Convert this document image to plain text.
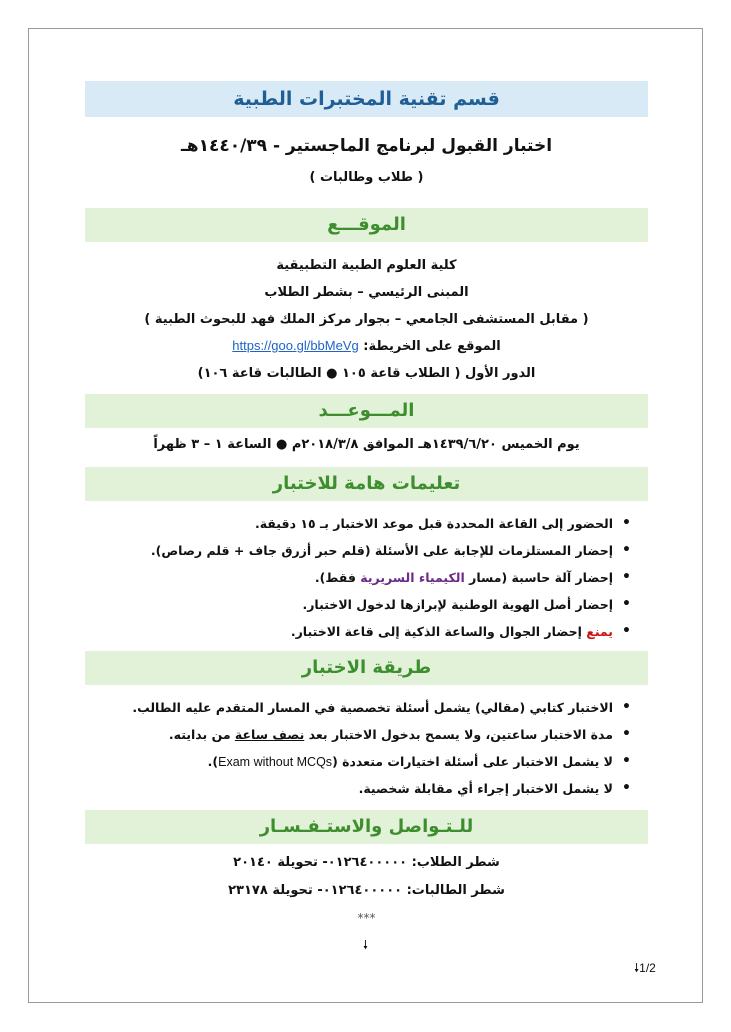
قسم تقنية المختبرات الطبية
اختبار القبول لبرنامج الماجستير - ١٤٤٠/٣٩هـ
( طلاب وطالبات )
الموقـــع
كلية العلوم الطبية التطبيقية
المبنى الرئيسي – بشطر الطلاب
( مقابل المستشفى الجامعي – بجوار مركز الملك فهد للبحوث الطبية )
الموقع على الخريطة: https://goo.gl/bbMeVg
الدور الأول ( الطلاب قاعة ١٠٥ ● الطالبات قاعة ١٠٦)
المـــوعـــد
يوم الخميس ١٤٣٩/٦/٢٠هـ الموافق ٢٠١٨/٣/٨م ● الساعة ١ – ٣ ظهراً
تعليمات هامة للاختبار
•
الحضور إلى القاعة المحددة قبل موعد الاختبار بـ ١٥ دقيقة.
•
إحضار المستلزمات للإجابة على الأسئلة (قلم حبر أزرق جاف + قلم رصاص).
•
إحضار آلة حاسبة (مسار الكيمياء السريرية فقط).
•
إحضار أصل الهوية الوطنية لإبرازها لدخول الاختبار.
•
يمنع إحضار الجوال والساعة الذكية إلى قاعة الاختبار.
طريقة الاختبار
•
الاختبار كتابي (مقالي) يشمل أسئلة تخصصية في المسار المتقدم عليه الطالب.
•
مدة الاختبار ساعتين، ولا يسمح بدخول الاختبار بعد نصف ساعة من بدايته.
•
لا يشمل الاختبار على أسئلة اختيارات متعددة (Exam without MCQs).
•
لا يشمل الاختبار إجراء أي مقابلة شخصية.
للـتـواصل والاستـفـسـار
شطر الطلاب: ٠١٢٦٤٠٠٠٠٠- تحويلة ٢٠١٤٠
شطر الطالبات: ٠١٢٦٤٠٠٠٠٠- تحويلة ٢٣١٧٨
***
🠗
🠗1/2
